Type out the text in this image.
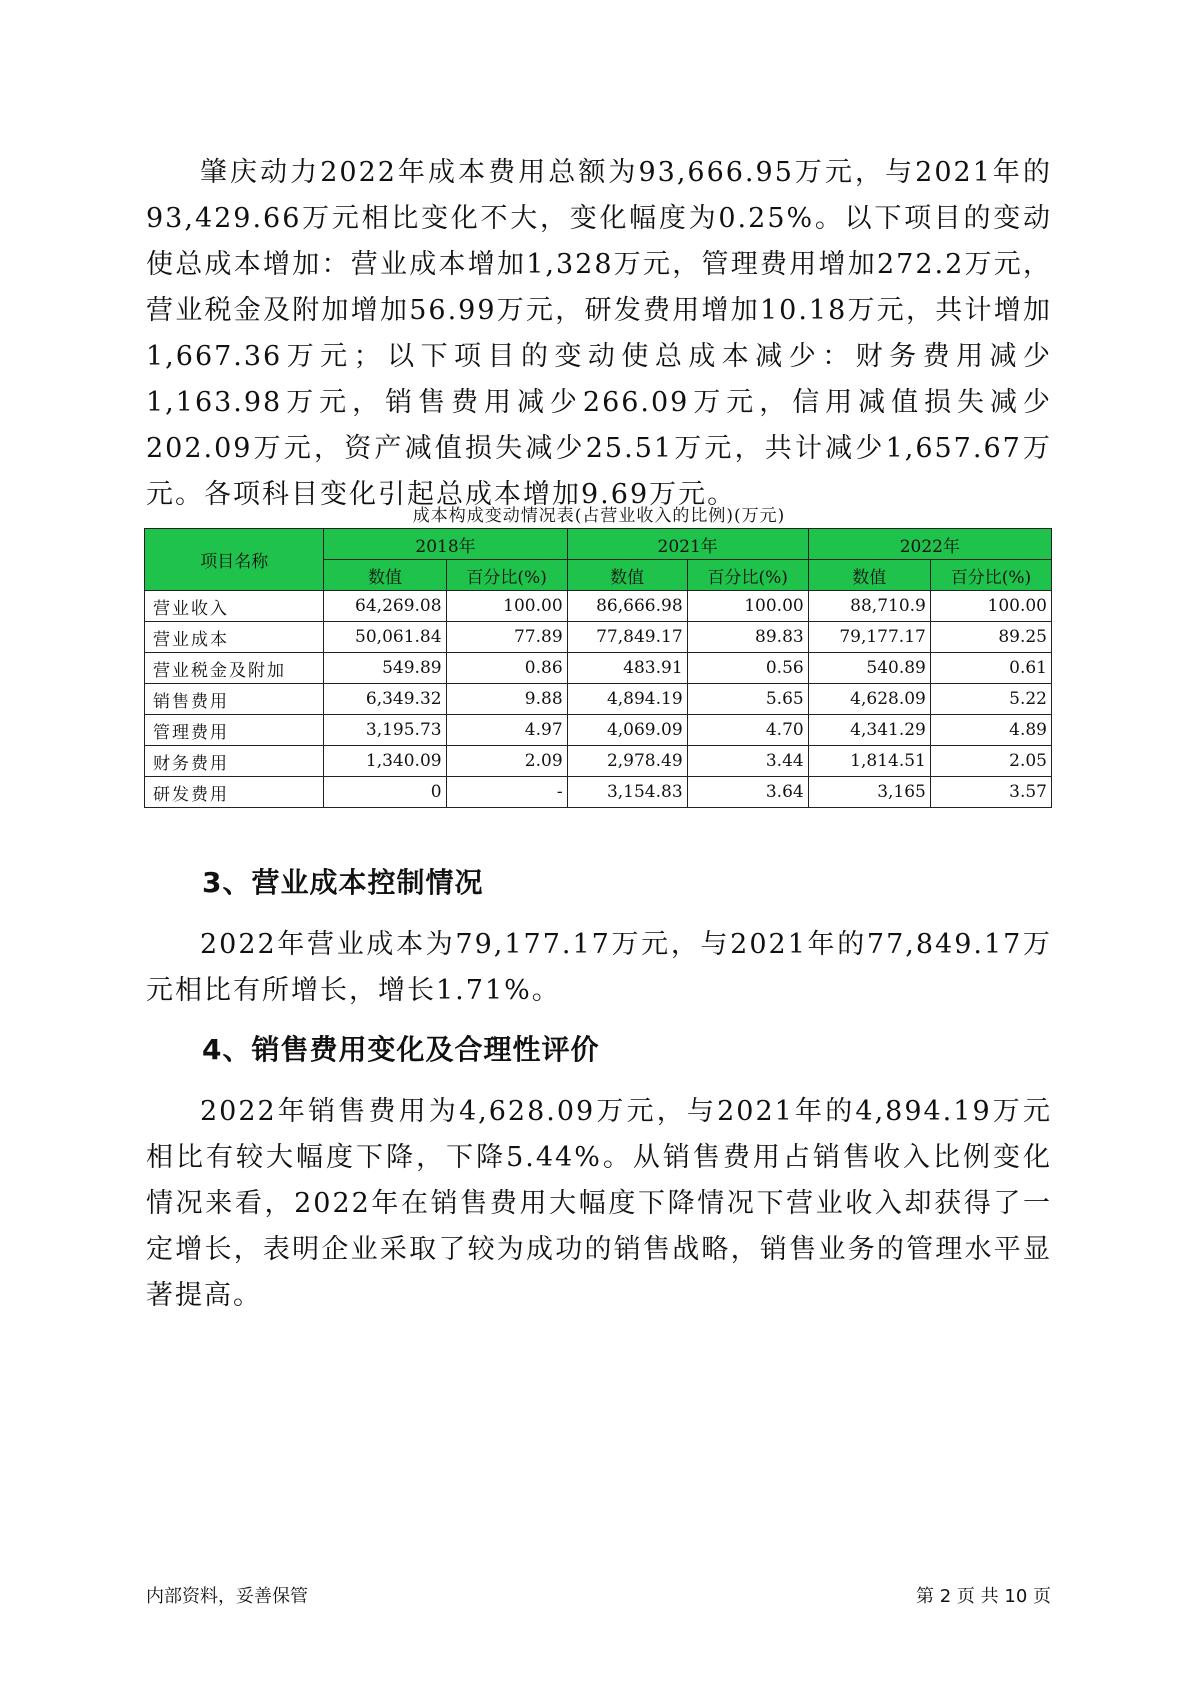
肇庆动力2022年成本费用总额为93,666.95万元，与2021年的93,429.66万元相比变化不大，变化幅度为0.25%。以下项目的变动使总成本增加：营业成本增加1,328万元，管理费用增加272.2万元，营业税金及附加增加56.99万元，研发费用增加10.18万元，共计增加1,667.36万元；以下项目的变动使总成本减少：财务费用减少1,163.98万元，销售费用减少266.09万元，信用减值损失减少202.09万元，资产减值损失减少25.51万元，共计减少1,657.67万元。各项科目变化引起总成本增加9.69万元。

成本构成变动情况表(占营业收入的比例)(万元)
项目名称	2018年		2021年		2022年	
	数值	百分比(%)	数值	百分比(%)	数值	百分比(%)
营业收入	64,269.08	100.00	86,666.98	100.00	88,710.9	100.00
营业成本	50,061.84	77.89	77,849.17	89.83	79,177.17	89.25
营业税金及附加	549.89	0.86	483.91	0.56	540.89	0.61
销售费用	6,349.32	9.88	4,894.19	5.65	4,628.09	5.22
管理费用	3,195.73	4.97	4,069.09	4.70	4,341.29	4.89
财务费用	1,340.09	2.09	2,978.49	3.44	1,814.51	2.05
研发费用	0	-	3,154.83	3.64	3,165	3.57
3、营业成本控制情况

2022年营业成本为79,177.17万元，与2021年的77,849.17万元相比有所增长，增长1.71%。

4、销售费用变化及合理性评价

2022年销售费用为4,628.09万元，与2021年的4,894.19万元相比有较大幅度下降，下降5.44%。从销售费用占销售收入比例变化情况来看，2022年在销售费用大幅度下降情况下营业收入却获得了一定增长，表明企业采取了较为成功的销售战略，销售业务的管理水平显著提高。

内部资料，妥善保管	第 2 页 共 10 页
